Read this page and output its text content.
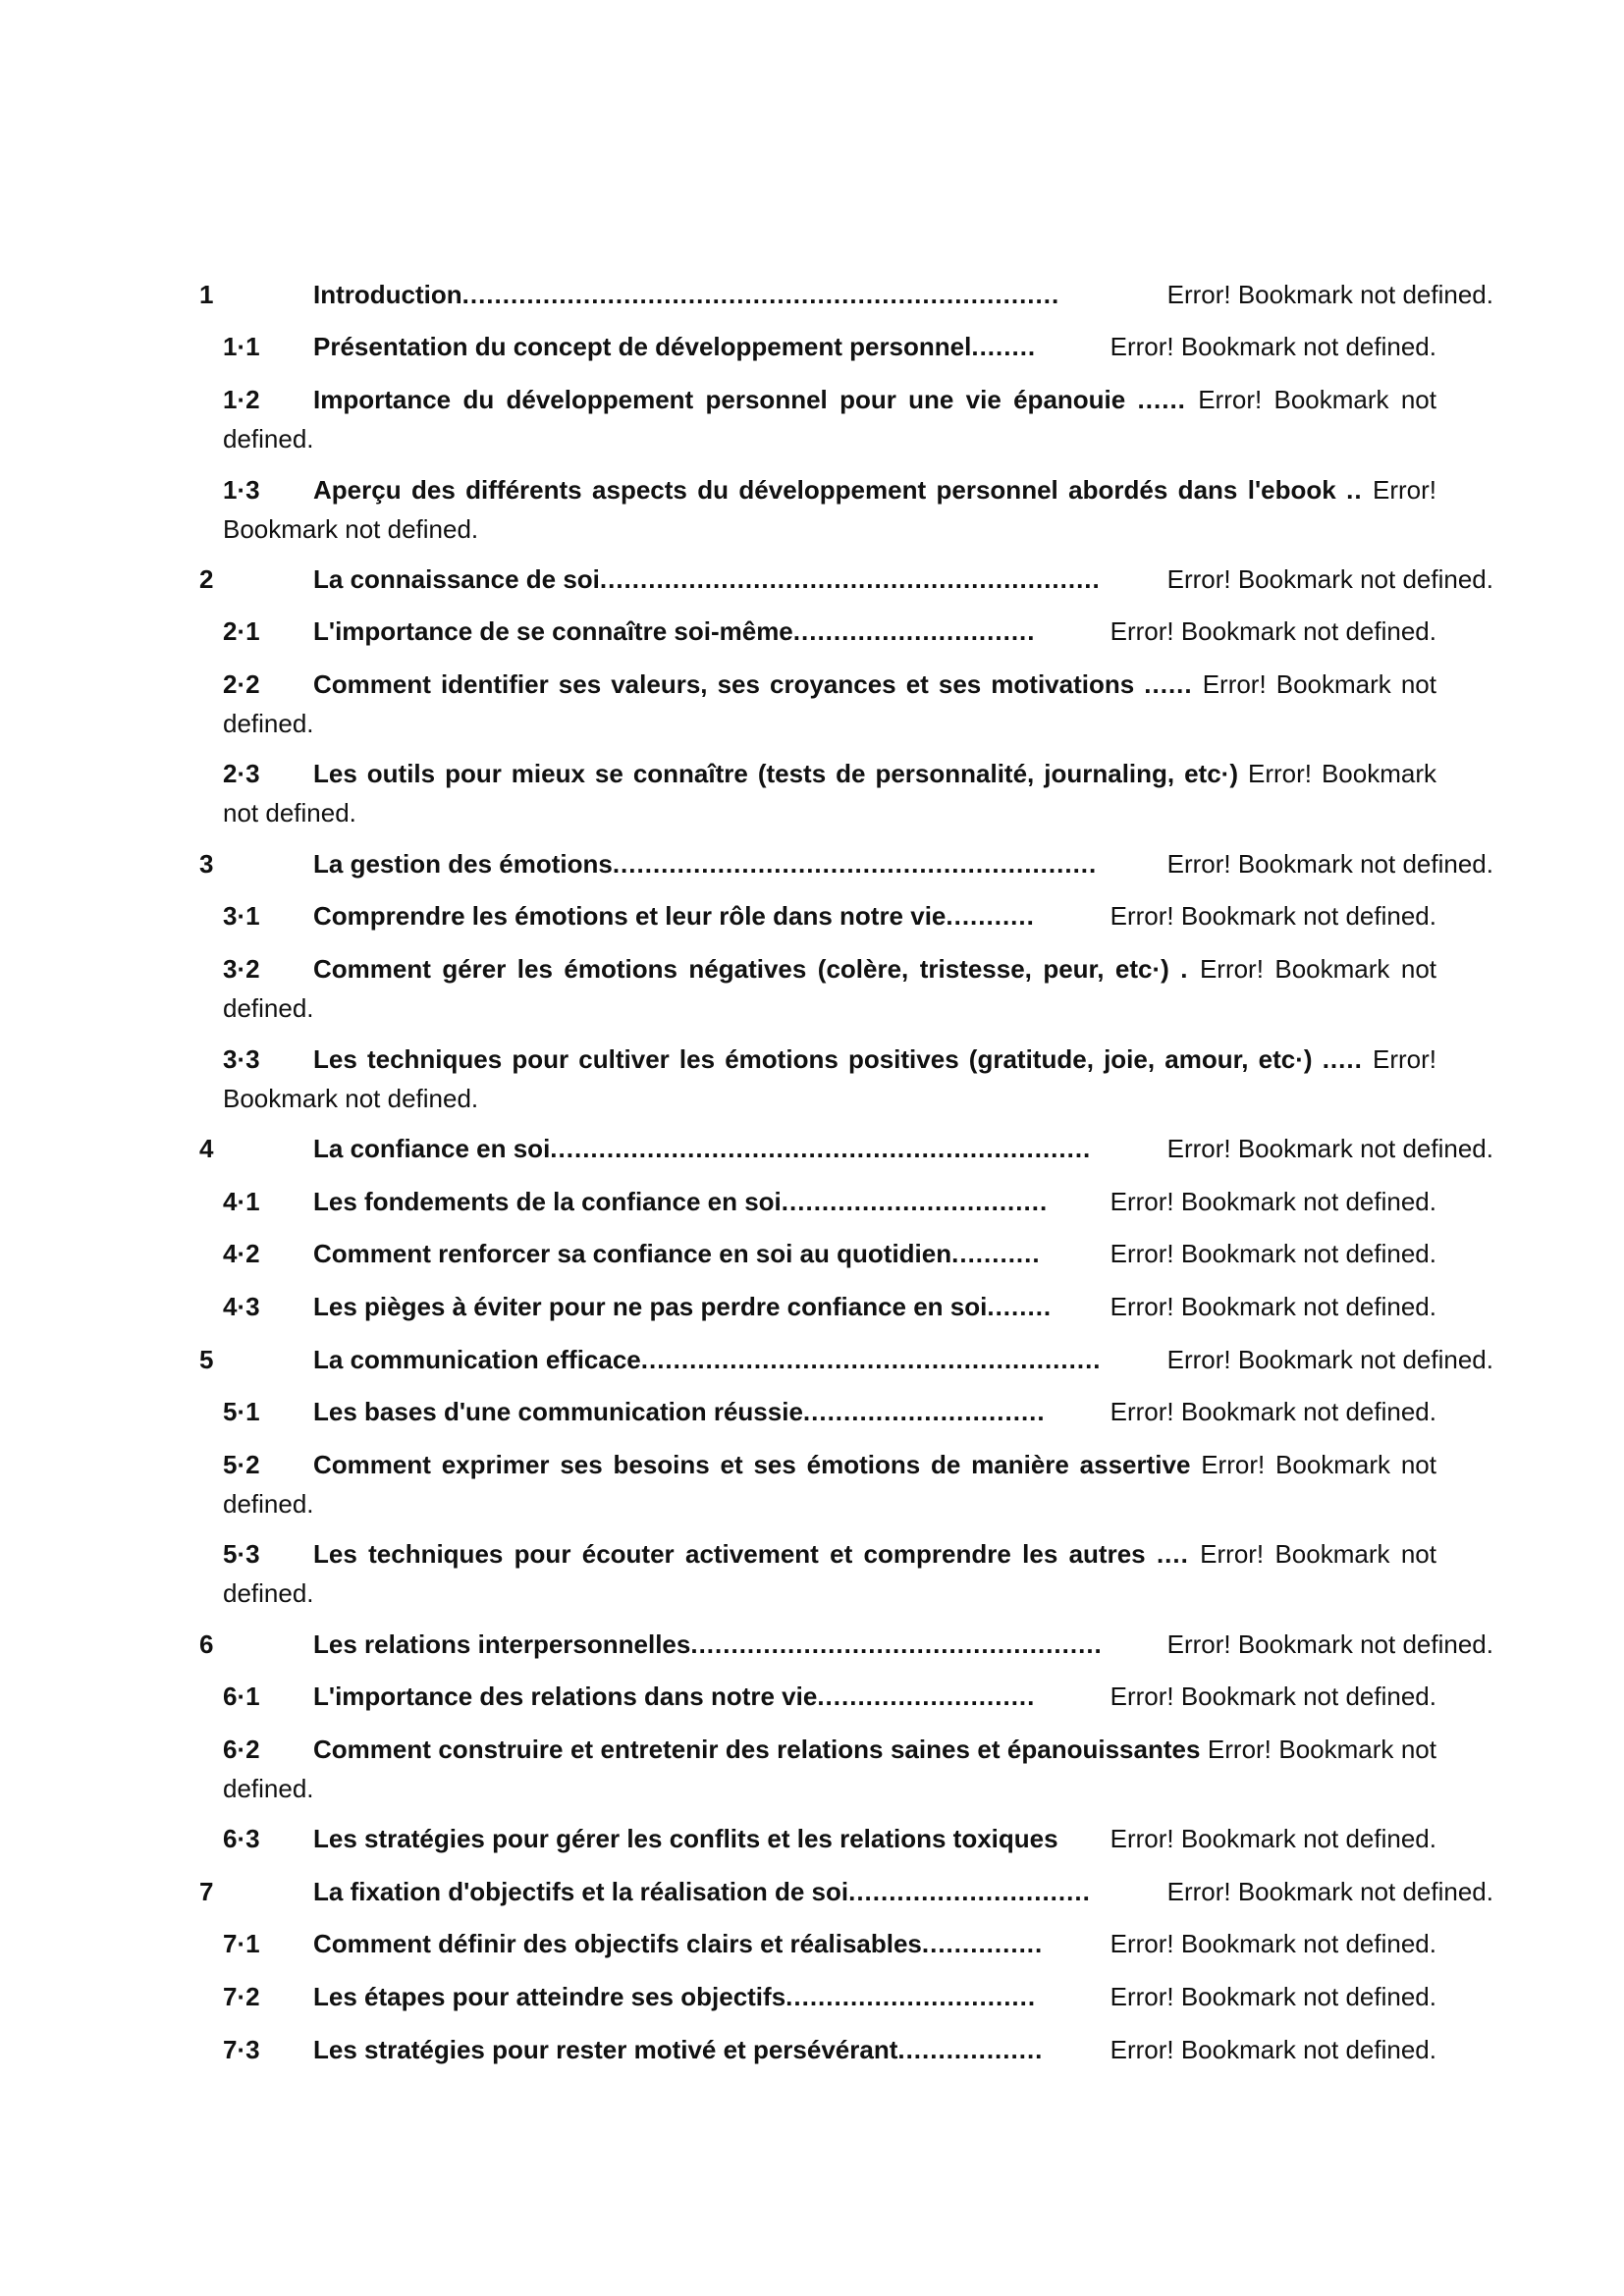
1	Introduction ..........................................................................	Error! Bookmark not defined.
1·1 Présentation du concept de développement personnel ........	Error! Bookmark not defined.
1·2	Importance du développement personnel pour une vie épanouie ...... Error! Bookmark not defined.
1·3	Aperçu des différents aspects du développement personnel abordés dans l'ebook .. Error! Bookmark not defined.
2	La connaissance de soi ..............................................................	Error! Bookmark not defined.
2·1 L'importance de se connaître soi-même ..............................	Error! Bookmark not defined.
2·2	Comment identifier ses valeurs, ses croyances et ses motivations ...... Error! Bookmark not defined.
2·3	Les outils pour mieux se connaître (tests de personnalité, journaling, etc·) Error! Bookmark not defined.
3	La gestion des émotions ............................................................	Error! Bookmark not defined.
3·1 Comprendre les émotions et leur rôle dans notre vie ...........	Error! Bookmark not defined.
3·2	Comment gérer les émotions négatives (colère, tristesse, peur, etc·) . Error! Bookmark not defined.
3·3	Les techniques pour cultiver les émotions positives (gratitude, joie, amour, etc·) ..... Error! Bookmark not defined.
4	La confiance en soi ...................................................................	Error! Bookmark not defined.
4·1 Les fondements de la confiance en soi .................................	Error! Bookmark not defined.
4·2 Comment renforcer sa confiance en soi au quotidien ...........	Error! Bookmark not defined.
4·3 Les pièges à éviter pour ne pas perdre confiance en soi ........	Error! Bookmark not defined.
5	La communication efficace .........................................................	Error! Bookmark not defined.
5·1 Les bases d'une communication réussie ..............................	Error! Bookmark not defined.
5·2	Comment exprimer ses besoins et ses émotions de manière assertive Error! Bookmark not defined.
5·3	Les techniques pour écouter activement et comprendre les autres .... Error! Bookmark not defined.
6	Les relations interpersonnelles ...................................................	Error! Bookmark not defined.
6·1 L'importance des relations dans notre vie ...........................	Error! Bookmark not defined.
6·2	Comment construire et entretenir des relations saines et épanouissantes Error! Bookmark not defined.
6·3 Les stratégies pour gérer les conflits et les relations toxiques Error! Bookmark not defined.
7	La fixation d'objectifs et la réalisation de soi ..............................	Error! Bookmark not defined.
7·1 Comment définir des objectifs clairs et réalisables ...............	Error! Bookmark not defined.
7·2 Les étapes pour atteindre ses objectifs ...............................	Error! Bookmark not defined.
7·3 Les stratégies pour rester motivé et persévérant ..................	Error! Bookmark not defined.
